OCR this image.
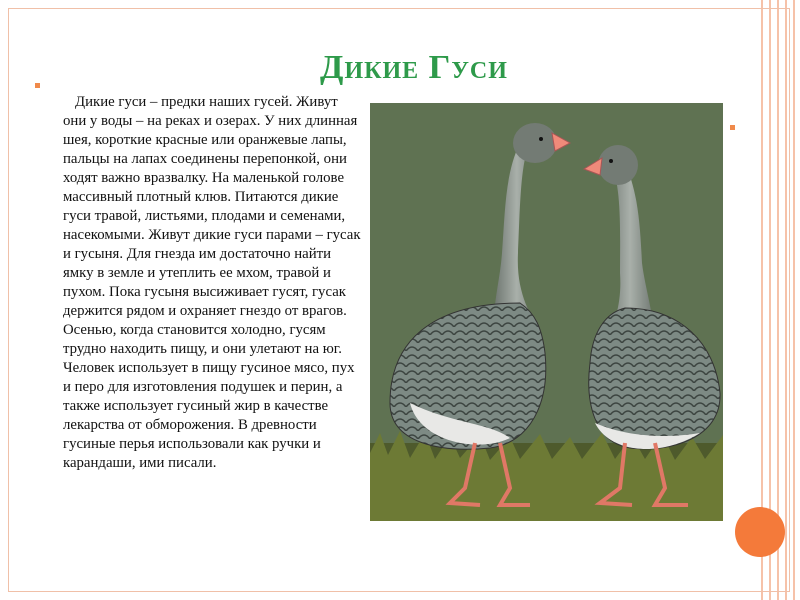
Дикие Гуси
Дикие гуси – предки наших гусей. Живут они у воды – на реках и озерах. У них длинная шея, короткие красные или оранжевые лапы, пальцы на лапах соединены перепонкой, они ходят важно вразвалку. На маленькой голове массивный плотный клюв. Питаются дикие гуси травой, листьями, плодами и семенами, насекомыми. Живут дикие гуси парами – гусак и гусыня. Для гнезда им достаточно найти ямку в земле и утеплить ее мхом, травой и пухом. Пока гусыня высиживает гусят, гусак держится рядом и охраняет гнездо от врагов. Осенью, когда становится холодно, гусям трудно находить пищу, и они улетают на юг. Человек использует в пищу гусиное мясо, пух и перо для изготовления подушек и перин, а также использует гусиный жир в качестве лекарства от обморожения. В древности гусиные перья использовали как ручки и карандаши, ими писали.
